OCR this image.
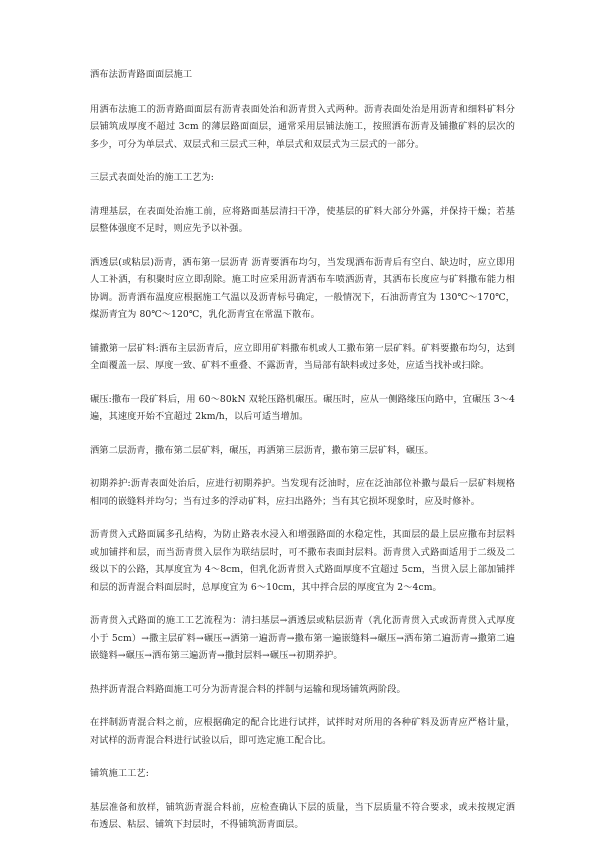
洒布法沥青路面面层施工

用洒布法施工的沥青路面面层有沥青表面处治和沥青贯入式两种。沥青表面处治是用沥青和细料矿料分层铺筑成厚度不超过 3cm 的薄层路面面层，通常采用层铺法施工，按照洒布沥青及铺撒矿料的层次的多少，可分为单层式、双层式和三层式三种，单层式和双层式为三层式的一部分。

三层式表面处治的施工工艺为:

清理基层，在表面处治施工前，应将路面基层清扫干净，使基层的矿料大部分外露，并保持干燥；若基层整体强度不足时，则应先予以补强。

洒透层(或粘层)沥青，洒布第一层沥青 沥青要洒布均匀，当发现洒布沥青后有空白、缺边时，应立即用人工补洒，有积聚时应立即刮除。施工时应采用沥青洒布车喷洒沥青，其洒布长度应与矿料撒布能力相协调。沥青洒布温度应根据施工气温以及沥青标号确定，一般情况下，石油沥青宜为 130℃～170℃，煤沥青宜为 80℃～120℃，乳化沥青宜在常温下散布。

铺撒第一层矿料:洒布主层沥青后，应立即用矿料撒布机或人工撒布第一层矿料。矿料要撒布均匀，达到全面覆盖一层、厚度一致、矿料不重叠、不露沥青，当局部有缺料或过多处，应适当找补或扫除。

碾压:撒布一段矿料后，用 60～80kN 双轮压路机碾压。碾压时，应从一侧路缘压向路中，宜碾压 3～4 遍，其速度开始不宜超过 2km/h，以后可适当增加。

洒第二层沥青，撒布第二层矿料，碾压，再洒第三层沥青，撒布第三层矿料，碾压。

初期养护:沥青表面处治后，应进行初期养护。当发现有泛油时，应在泛油部位补撒与最后一层矿料规格相同的嵌缝料并均匀；当有过多的浮动矿料，应扫出路外；当有其它损坏现象时，应及时修补。

沥青贯入式路面属多孔结构，为防止路表水浸入和增强路面的水稳定性，其面层的最上层应撒布封层料或加铺拌和层，而当沥青贯入层作为联结层时，可不撒布表面封层料。沥青贯入式路面适用于二级及二级以下的公路，其厚度宜为 4～8cm，但乳化沥青贯入式路面厚度不宜超过 5cm，当贯入层上部加铺拌和层的沥青混合料面层时，总厚度宜为 6～10cm，其中拌合层的厚度宜为 2～4cm。

沥青贯入式路面的施工工艺流程为：清扫基层→洒透层或粘层沥青（乳化沥青贯入式或沥青贯入式厚度小于 5cm）→撒主层矿料→碾压→洒第一遍沥青→撒布第一遍嵌缝料→碾压→洒布第二遍沥青→撒第二遍嵌缝料→碾压→洒布第三遍沥青→撒封层料→碾压→初期养护。

热拌沥青混合料路面施工可分为沥青混合料的拌制与运输和现场铺筑两阶段。

在拌制沥青混合料之前，应根据确定的配合比进行试拌，试拌时对所用的各种矿料及沥青应严格计量，对试样的沥青混合料进行试验以后，即可选定施工配合比。

铺筑施工工艺:

基层准备和放样，铺筑沥青混合料前，应检查确认下层的质量，当下层质量不符合要求，或未按规定洒布透层、粘层、铺筑下封层时，不得铺筑沥青面层。
